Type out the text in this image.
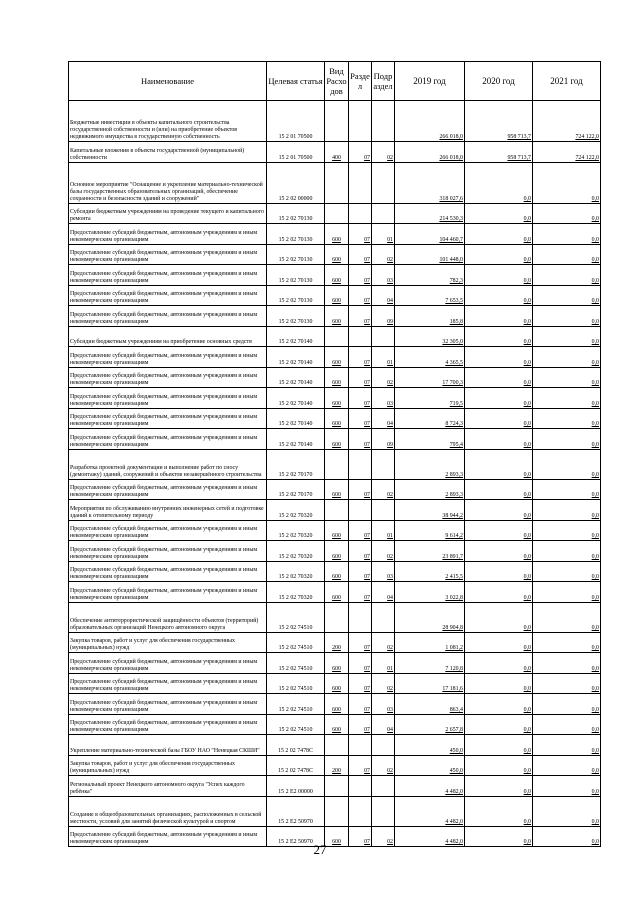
Наименование	Целевая статья	Вид Расхо дов	Разде л	Подр аздел	2019 год	2020 год	2021 год
Бюджетные инвестиции в объекты капитального строительства государственной собственности и (или) на приобретение объектов недвижимого имущества в государственную собственность	15 2 01 70500				266 018,0	958 713,7	724 122,0
Капитальные вложения в объекты государственной (муниципальной) собственности	15 2 01 70500	400	07	02	266 018,0	958 713,7	724 122,0
Основное мероприятие "Оснащение и укрепление материально-технической базы государственных образовательных организаций, обеспечение сохранности и безопасности зданий и сооружений"	15 2 02 00000				318 027,6	0,0	0,0
Субсидии бюджетным учреждениям на проведение текущего и капитального ремонта	15 2 02 70130				214 530,3	0,0	0,0
Предоставление субсидий бюджетным, автономным учреждениям и иным некоммерческим организациям	15 2 02 70130	600	07	01	104 460,7	0,0	0,0
Предоставление субсидий бюджетным, автономным учреждениям и иным некоммерческим организациям	15 2 02 70130	600	07	02	101 448,0	0,0	0,0
Предоставление субсидий бюджетным, автономным учреждениям и иным некоммерческим организациям	15 2 02 70130	600	07	03	782,3	0,0	0,0
Предоставление субсидий бюджетным, автономным учреждениям и иным некоммерческим организациям	15 2 02 70130	600	07	04	7 653,5	0,0	0,0
Предоставление субсидий бюджетным, автономным учреждениям и иным некоммерческим организациям	15 2 02 70130	600	07	09	185,8	0,0	0,0
Субсидии бюджетным учреждениям на приобретение основных средств	15 2 02 70140				32 305,0	0,0	0,0
Предоставление субсидий бюджетным, автономным учреждениям и иным некоммерческим организациям	15 2 02 70140	600	07	01	4 365,5	0,0	0,0
Предоставление субсидий бюджетным, автономным учреждениям и иным некоммерческим организациям	15 2 02 70140	600	07	02	17 700,3	0,0	0,0
Предоставление субсидий бюджетным, автономным учреждениям и иным некоммерческим организациям	15 2 02 70140	600	07	03	719,5	0,0	0,0
Предоставление субсидий бюджетным, автономным учреждениям и иным некоммерческим организациям	15 2 02 70140	600	07	04	8 724,3	0,0	0,0
Предоставление субсидий бюджетным, автономным учреждениям и иным некоммерческим организациям	15 2 02 70140	600	07	09	795,4	0,0	0,0
Разработка проектной документации и выполнение работ по сносу (демонтажу) зданий, сооружений и объектов незавершённого строительства	15 2 02 70170				2 893,3	0,0	0,0
Предоставление субсидий бюджетным, автономным учреждениям и иным некоммерческим организациям	15 2 02 70170	600	07	02	2 893,3	0,0	0,0
Мероприятия по обслуживанию внутренних инженерных сетей и подготовке зданий к отопительному периоду	15 2 02 70320				38 944,2	0,0	0,0
Предоставление субсидий бюджетным, автономным учреждениям и иным некоммерческим организациям	15 2 02 70320	600	07	01	9 614,2	0,0	0,0
Предоставление субсидий бюджетным, автономным учреждениям и иным некоммерческим организациям	15 2 02 70320	600	07	02	23 891,7	0,0	0,0
Предоставление субсидий бюджетным, автономным учреждениям и иным некоммерческим организациям	15 2 02 70320	600	07	03	2 415,5	0,0	0,0
Предоставление субсидий бюджетным, автономным учреждениям и иным некоммерческим организациям	15 2 02 70320	600	07	04	3 022,8	0,0	0,0
Обеспечение антитеррористической защищённости объектов (территорий) образовательных организаций Ненецкого автономного округа	15 2 02 74510				28 904,8	0,0	0,0
Закупка товаров, работ и услуг для обеспечения государственных (муниципальных) нужд	15 2 02 74510	200	07	02	1 081,2	0,0	0,0
Предоставление субсидий бюджетным, автономным учреждениям и иным некоммерческим организациям	15 2 02 74510	600	07	01	7 120,8	0,0	0,0
Предоставление субсидий бюджетным, автономным учреждениям и иным некоммерческим организациям	15 2 02 74510	600	07	02	17 181,6	0,0	0,0
Предоставление субсидий бюджетным, автономным учреждениям и иным некоммерческим организациям	15 2 02 74510	600	07	03	863,4	0,0	0,0
Предоставление субсидий бюджетным, автономным учреждениям и иным некоммерческим организациям	15 2 02 74510	600	07	04	2 657,8	0,0	0,0
Укрепление материально-технической базы ГБОУ НАО "Ненецкая СКШИ"	15 2 02 7478С				450,0	0,0	0,0
Закупка товаров, работ и услуг для обеспечения государственных (муниципальных) нужд	15 2 02 7478С	200	07	02	450,0	0,0	0,0
Региональный проект Ненецкого автономного округа "Успех каждого ребёнка"	15 2 E2 00000				4 482,0	0,0	0,0
Создание в общеобразовательных организациях, расположенных в сельской местности, условий для занятий физической культурой и спортом	15 2 E2 50970				4 482,0	0,0	0,0
Предоставление субсидий бюджетным, автономным учреждениям и иным некоммерческим организациям	15 2 E2 50970	600	07	02	4 482,0	0,0	0,0
27
